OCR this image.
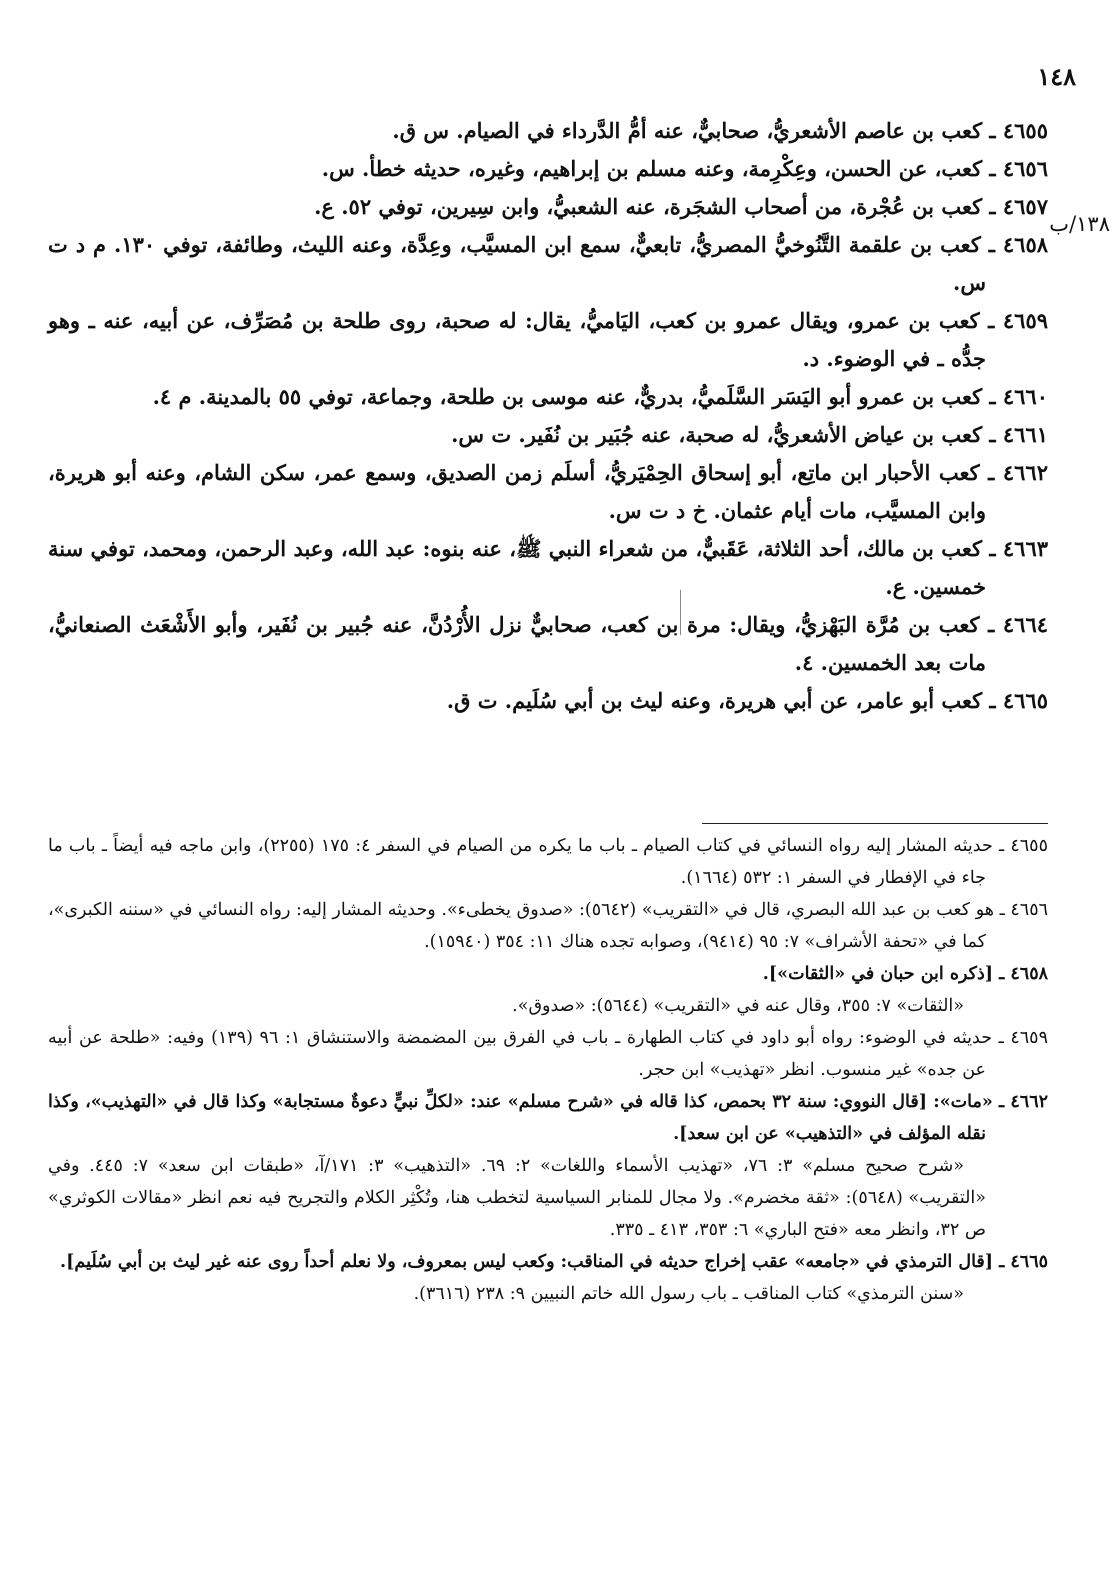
١٤٨
١٣٨/ب
٤٦٥٥ ـ كعب بن عاصم الأشعريُّ، صحابيٌّ، عنه أمُّ الدَّرداء في الصيام. س ق.
٤٦٥٦ ـ كعب، عن الحسن، وعِكْرِمة، وعنه مسلم بن إبراهيم، وغيره، حديثه خطأ. س.
٤٦٥٧ ـ كعب بن عُجْرة، من أصحاب الشجَرة، عنه الشعبيُّ، وابن سِيرين، توفي ٥٢. ع.
٤٦٥٨ ـ كعب بن علقمة التَّنُوخيُّ المصريُّ، تابعيٌّ، سمع ابن المسيَّب، وعِدَّة، وعنه الليث، وطائفة، توفي ١٣٠. م د ت س.
٤٦٥٩ ـ كعب بن عمرو، ويقال عمرو بن كعب، اليَاميُّ، يقال: له صحبة، روى طلحة بن مُصَرِّف، عن أبيه، عنه ـ وهو جدُّه ـ في الوضوء. د.
٤٦٦٠ ـ كعب بن عمرو أبو اليَسَر السَّلَميُّ، بدريٌّ، عنه موسى بن طلحة، وجماعة، توفي ٥٥ بالمدينة. م ٤.
٤٦٦١ ـ كعب بن عياض الأشعريُّ، له صحبة، عنه جُبَير بن نُفَير. ت س.
٤٦٦٢ ـ كعب الأحبار ابن ماتِع، أبو إسحاق الحِمْيَريُّ، أسلَم زمن الصديق، وسمع عمر، سكن الشام، وعنه أبو هريرة، وابن المسيَّب، مات أيام عثمان. خ د ت س.
٤٦٦٣ ـ كعب بن مالك، أحد الثلاثة، عَقَبيٌّ، من شعراء النبي ﷺ، عنه بنوه: عبد الله، وعبد الرحمن، ومحمد، توفي سنة خمسين. ع.
٤٦٦٤ ـ كعب بن مُرَّة البَهْزيُّ، ويقال: مرة بن كعب، صحابيٌّ نزل الأُرْدُنَّ، عنه جُبير بن نُفَير، وأبو الأَشْعَث الصنعانيُّ، مات بعد الخمسين. ٤.
٤٦٦٥ ـ كعب أبو عامر، عن أبي هريرة، وعنه ليث بن أبي سُلَيم. ت ق.
٤٦٥٥ ـ حديثه المشار إليه رواه النسائي في كتاب الصيام ـ باب ما يكره من الصيام في السفر ٤: ١٧٥ (٢٢٥٥)، وابن ماجه فيه أيضاً ـ باب ما جاء في الإفطار في السفر ١: ٥٣٢ (١٦٦٤).
٤٦٥٦ ـ هو كعب بن عبد الله البصري، قال في «التقريب» (٥٦٤٢): «صدوق يخطىء». وحديثه المشار إليه: رواه النسائي في «سننه الكبرى»، كما في «تحفة الأشراف» ٧: ٩٥ (٩٤١٤)، وصوابه تجده هناك ١١: ٣٥٤ (١٥٩٤٠).
٤٦٥٨ ـ [ذكره ابن حبان في «الثقات»].
«الثقات» ٧: ٣٥٥، وقال عنه في «التقريب» (٥٦٤٤): «صدوق».
٤٦٥٩ ـ حديثه في الوضوء: رواه أبو داود في كتاب الطهارة ـ باب في الفرق بين المضمضة والاستنشاق ١: ٩٦ (١٣٩) وفيه: «طلحة عن أبيه عن جده» غير منسوب. انظر «تهذيب» ابن حجر.
٤٦٦٢ ـ «مات»: [قال النووي: سنة ٣٢ بحمص، كذا قاله في «شرح مسلم» عند: «لكلِّ نبيٍّ دعوةٌ مستجابة» وكذا قال في «التهذيب»، وكذا نقله المؤلف في «التذهيب» عن ابن سعد].
«شرح صحيح مسلم» ٣: ٧٦، «تهذيب الأسماء واللغات» ٢: ٦٩. «التذهيب» ٣: ١٧١/آ، «طبقات ابن سعد» ٧: ٤٤٥. وفي «التقريب» (٥٦٤٨): «ثقة مخضرم». ولا مجال للمنابر السياسية لتخطب هنا، وتُكْثِر الكلام والتجريح فيه نعم انظر «مقالات الكوثري» ص ٣٢، وانظر معه «فتح الباري» ٦: ٣٥٣، ٤١٣ ـ ٣٣٥.
٤٦٦٥ ـ [قال الترمذي في «جامعه» عقب إخراج حديثه في المناقب: وكعب ليس بمعروف، ولا نعلم أحداً روى عنه غير ليث بن أبي سُلَيم].
«سنن الترمذي» كتاب المناقب ـ باب رسول الله خاتم النبيين ٩: ٢٣٨ (٣٦١٦).
